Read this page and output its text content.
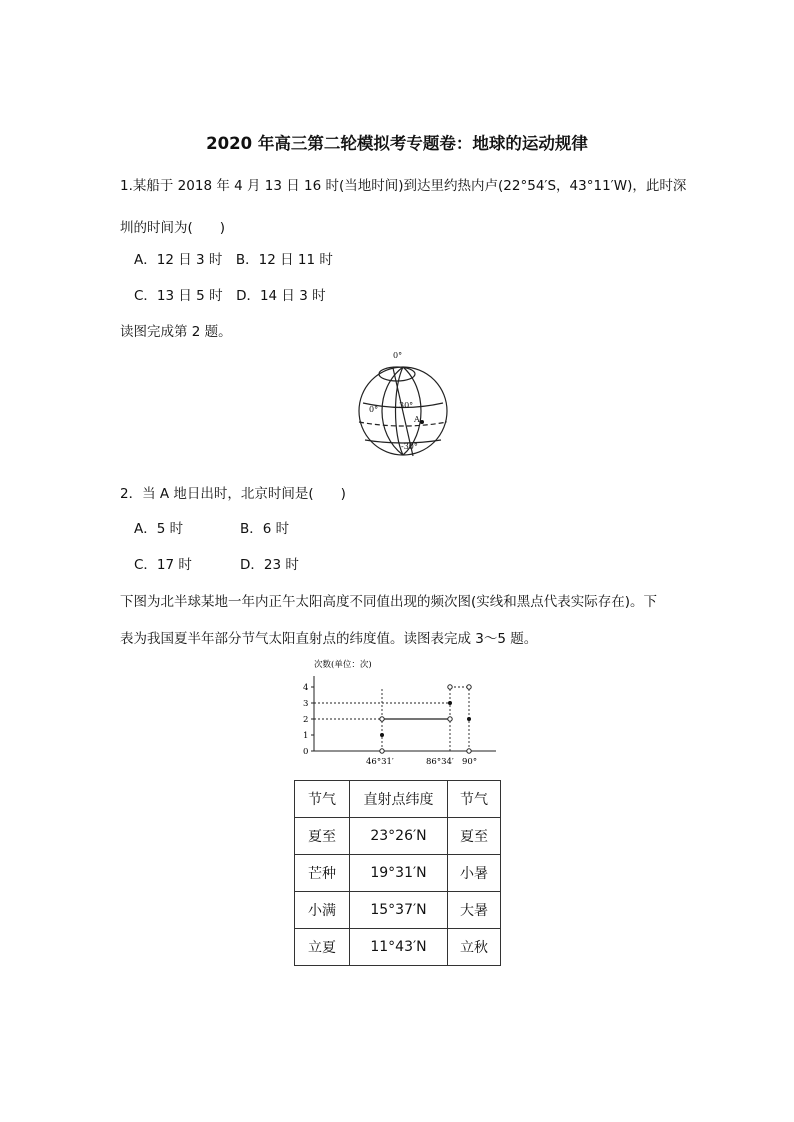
2020 年高三第二轮模拟考专题卷：地球的运动规律
1.某船于 2018 年 4 月 13 日 16 时(当地时间)到达里约热内卢(22°54′S，43°11′W)，此时深
圳的时间为(　　)
A．12 日 3 时　B．12 日 11 时
C．13 日 5 时　D．14 日 3 时
读图完成第 2 题。
0°
0°	30°
A
-30°
2．当 A 地日出时，北京时间是(　　)
A．5 时	B．6 时
C．17 时	D．23 时
下图为北半球某地一年内正午太阳高度不同值出现的频次图(实线和黑点代表实际存在)。下
表为我国夏半年部分节气太阳直射点的纬度值。读图表完成 3～5 题。
次数(单位：次)
0
1
2
3
4
46°31′	86°34′ 90°
节气	直射点纬度	节气
夏至	23°26′N	夏至
芒种	19°31′N	小暑
小满	15°37′N	大暑
立夏	11°43′N	立秋
